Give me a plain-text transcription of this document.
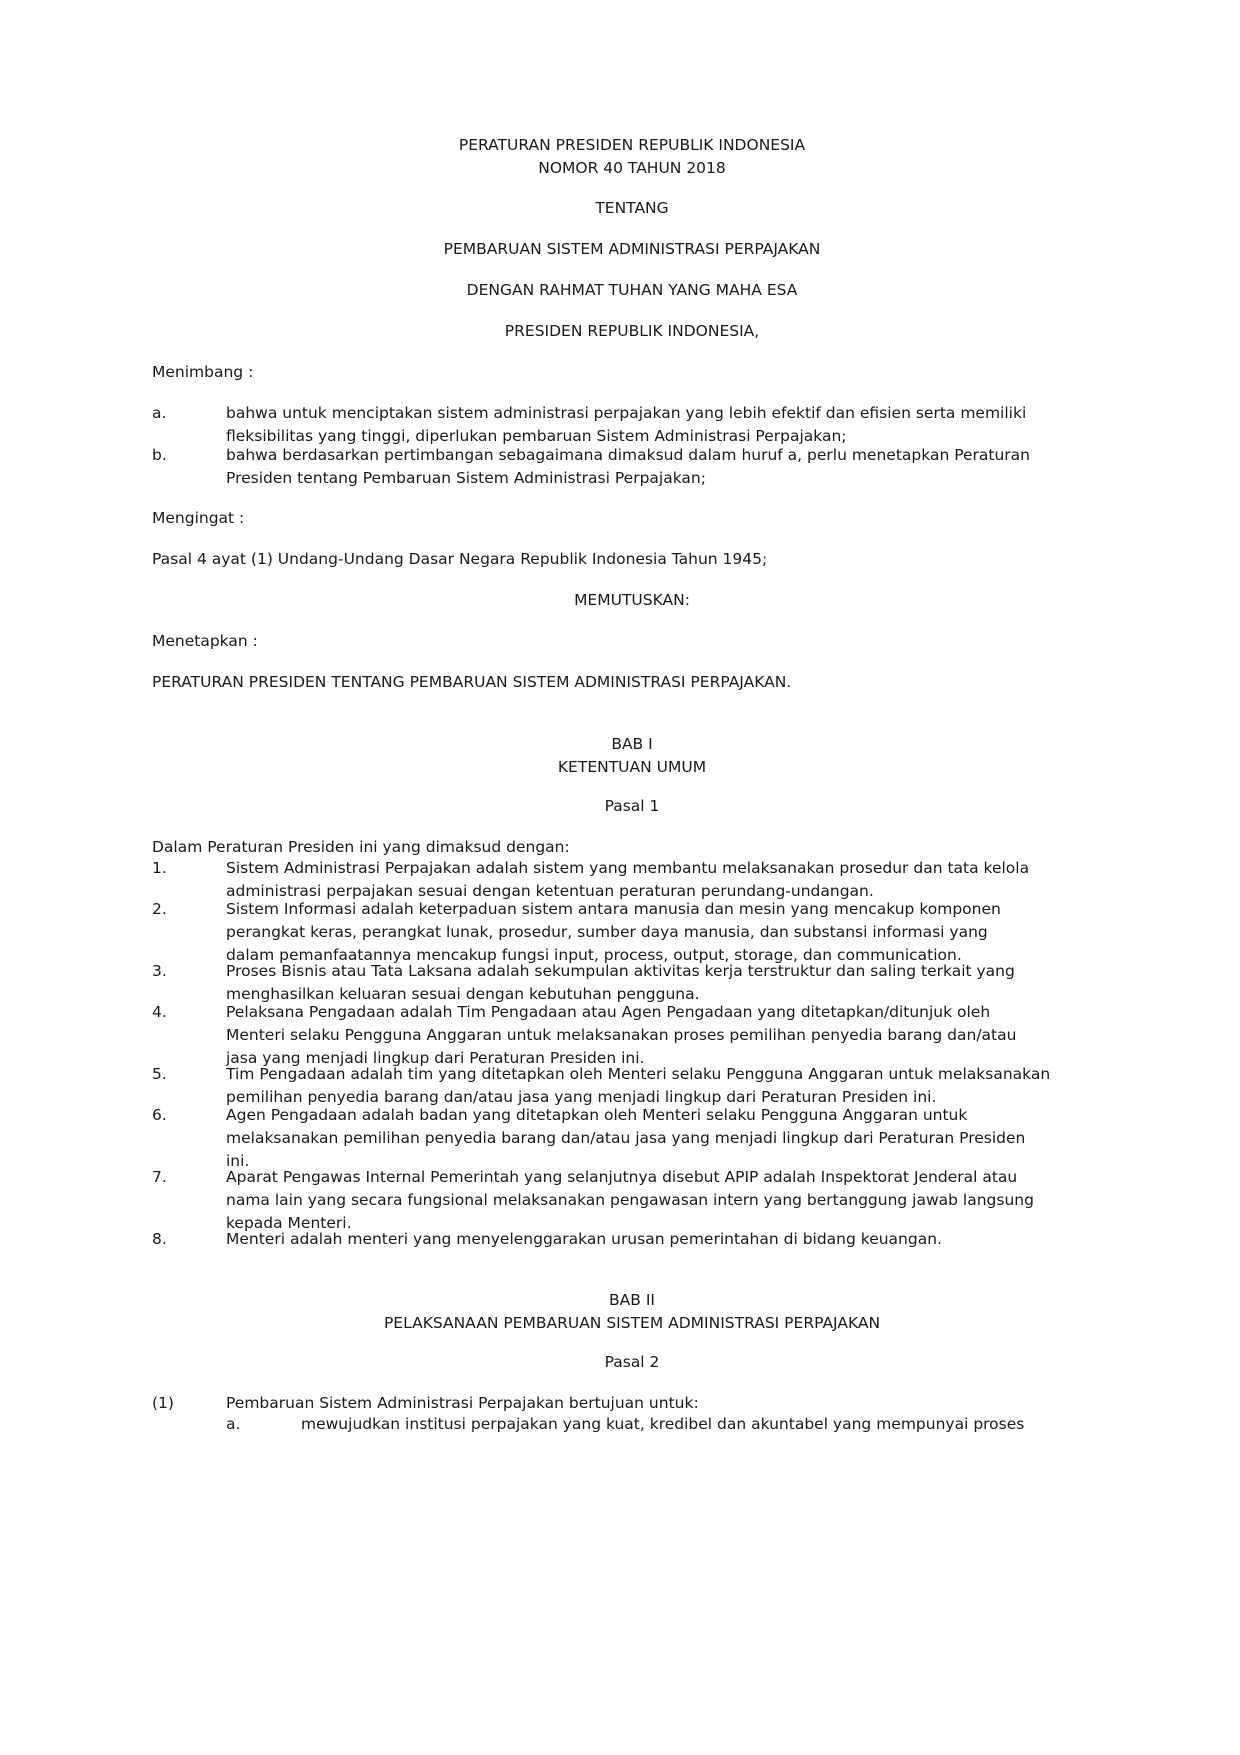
PERATURAN PRESIDEN REPUBLIK INDONESIA
NOMOR 40 TAHUN 2018
TENTANG
PEMBARUAN SISTEM ADMINISTRASI PERPAJAKAN
DENGAN RAHMAT TUHAN YANG MAHA ESA
PRESIDEN REPUBLIK INDONESIA,
Menimbang :
a.	bahwa untuk menciptakan sistem administrasi perpajakan yang lebih efektif dan efisien serta memiliki
fleksibilitas yang tinggi, diperlukan pembaruan Sistem Administrasi Perpajakan;
b.	bahwa berdasarkan pertimbangan sebagaimana dimaksud dalam huruf a, perlu menetapkan Peraturan
Presiden tentang Pembaruan Sistem Administrasi Perpajakan;
Mengingat :
Pasal 4 ayat (1) Undang-Undang Dasar Negara Republik Indonesia Tahun 1945;
MEMUTUSKAN:
Menetapkan :
PERATURAN PRESIDEN TENTANG PEMBARUAN SISTEM ADMINISTRASI PERPAJAKAN.
BAB I
KETENTUAN UMUM
Pasal 1
Dalam Peraturan Presiden ini yang dimaksud dengan:
1.	Sistem Administrasi Perpajakan adalah sistem yang membantu melaksanakan prosedur dan tata kelola
administrasi perpajakan sesuai dengan ketentuan peraturan perundang-undangan.
2.	Sistem Informasi adalah keterpaduan sistem antara manusia dan mesin yang mencakup komponen
perangkat keras, perangkat lunak, prosedur, sumber daya manusia, dan substansi informasi yang
dalam pemanfaatannya mencakup fungsi input, process, output, storage, dan communication.
3.	Proses Bisnis atau Tata Laksana adalah sekumpulan aktivitas kerja terstruktur dan saling terkait yang
menghasilkan keluaran sesuai dengan kebutuhan pengguna.
4.	Pelaksana Pengadaan adalah Tim Pengadaan atau Agen Pengadaan yang ditetapkan/ditunjuk oleh
Menteri selaku Pengguna Anggaran untuk melaksanakan proses pemilihan penyedia barang dan/atau
jasa yang menjadi lingkup dari Peraturan Presiden ini.
5.	Tim Pengadaan adalah tim yang ditetapkan oleh Menteri selaku Pengguna Anggaran untuk melaksanakan
pemilihan penyedia barang dan/atau jasa yang menjadi lingkup dari Peraturan Presiden ini.
6.	Agen Pengadaan adalah badan yang ditetapkan oleh Menteri selaku Pengguna Anggaran untuk
melaksanakan pemilihan penyedia barang dan/atau jasa yang menjadi lingkup dari Peraturan Presiden
ini.
7.	Aparat Pengawas Internal Pemerintah yang selanjutnya disebut APIP adalah Inspektorat Jenderal atau
nama lain yang secara fungsional melaksanakan pengawasan intern yang bertanggung jawab langsung
kepada Menteri.
8.	Menteri adalah menteri yang menyelenggarakan urusan pemerintahan di bidang keuangan.
BAB II
PELAKSANAAN PEMBARUAN SISTEM ADMINISTRASI PERPAJAKAN
Pasal 2
(1)	Pembaruan Sistem Administrasi Perpajakan bertujuan untuk:
a.	mewujudkan institusi perpajakan yang kuat, kredibel dan akuntabel yang mempunyai proses
